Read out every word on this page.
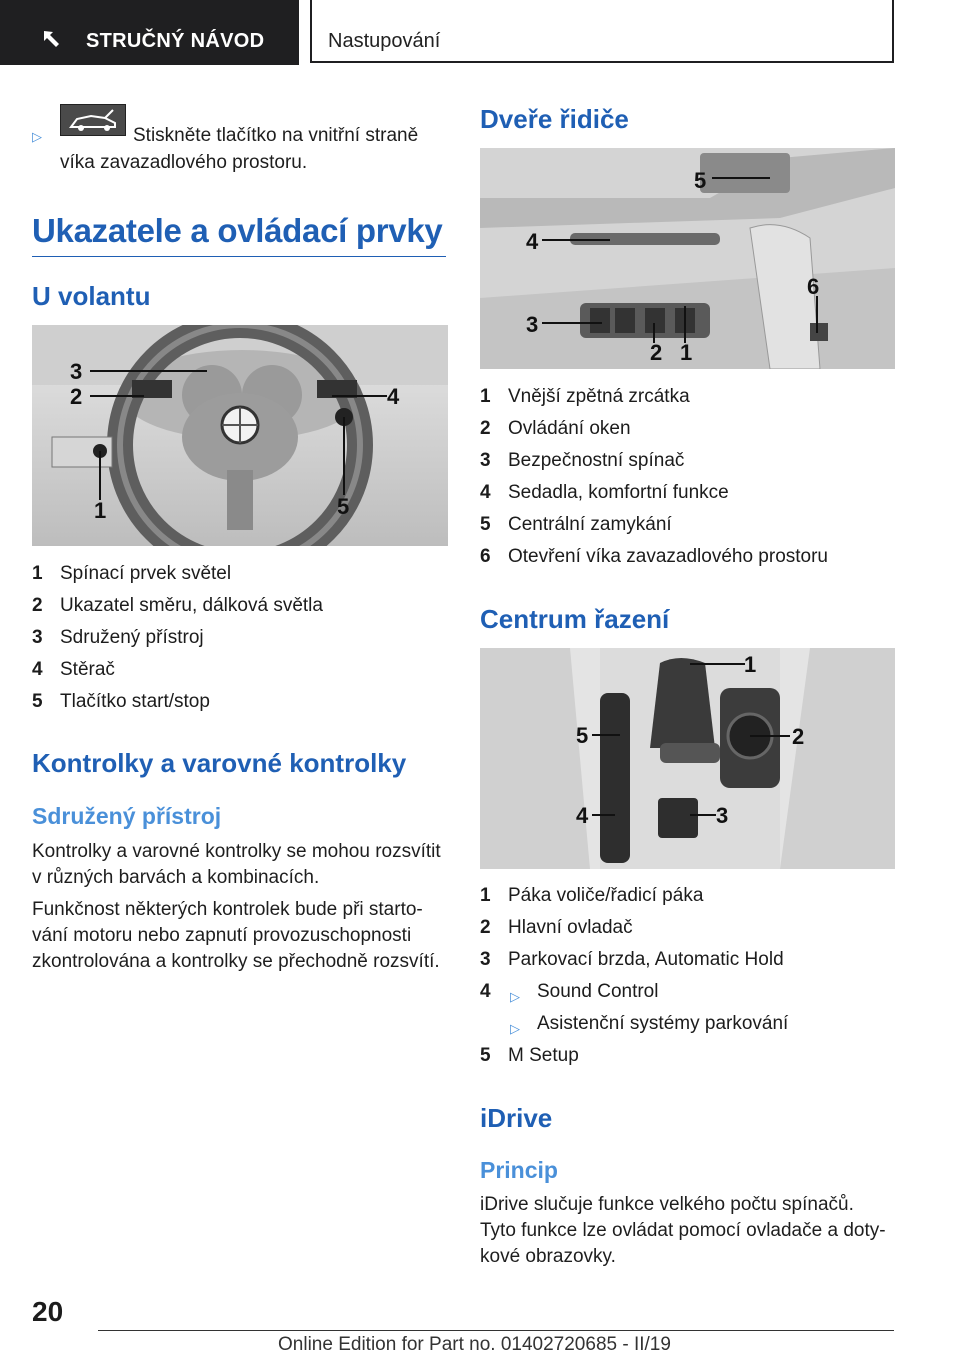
STRUČNÝ NÁVOD	Nastupování
▷	Stiskněte tlačítko na vnitřní straně
víka zavazadlového prostoru.
Ukazatele a ovládací prvky
U volantu
3
2	4
1	5
1 Spínací prvek světel
2 Ukazatel směru, dálková světla
3 Sdružený přístroj
4 Stěrač
5 Tlačítko start/stop
Kontrolky a varovné kontrolky
Sdružený přístroj
Kontrolky a varovné kontrolky se mohou rozsvítit
v různých barvách a kombinacích.
Funkčnost některých kontrolek bude při starto‐
vání motoru nebo zapnutí provozuschopnosti
zkontrolována a kontrolky se přechodně rozsvítí.
Dveře řidiče
5
4
6
3
2 1
1 Vnější zpětná zrcátka
2 Ovládání oken
3 Bezpečnostní spínač
4 Sedadla, komfortní funkce
5 Centrální zamykání
6 Otevření víka zavazadlového prostoru
Centrum řazení
1
5	2
4	3
1 Páka voliče/řadicí páka
2 Hlavní ovladač
3 Parkovací brzda, Automatic Hold
4 ▷ Sound Control
▷ Asistenční systémy parkování
5 M Setup
iDrive
Princip
iDrive slučuje funkce velkého počtu spínačů.
Tyto funkce lze ovládat pomocí ovladače a doty‐
kové obrazovky.
20
Online Edition for Part no. 01402720685 - II/19
